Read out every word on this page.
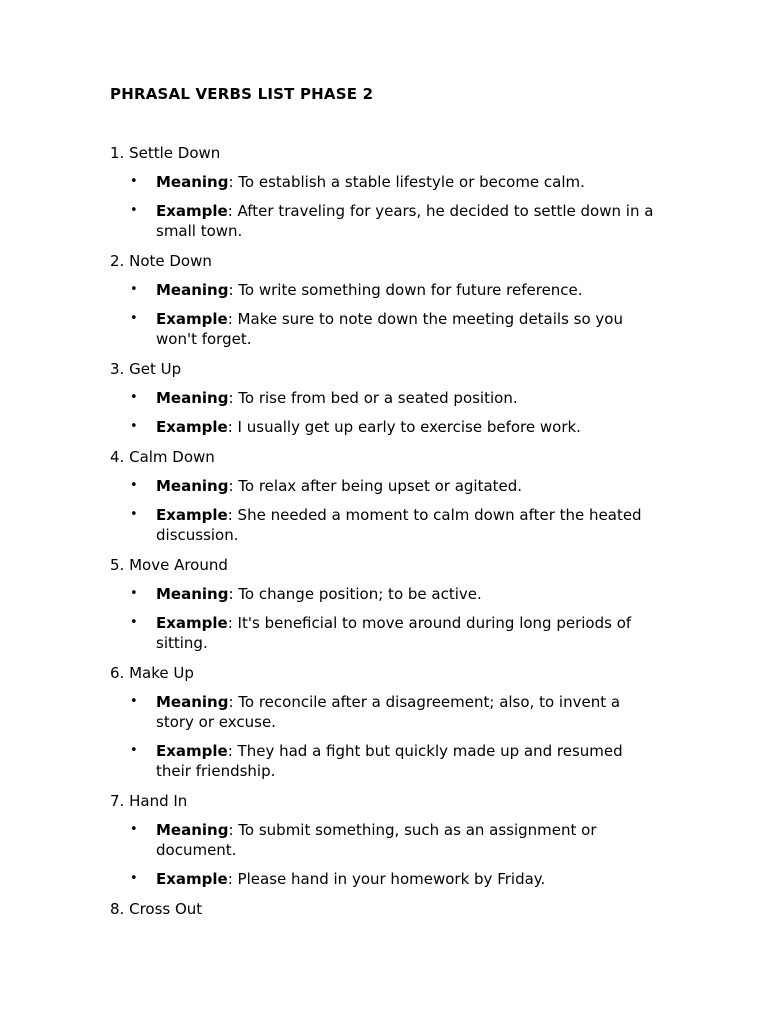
PHRASAL VERBS LIST PHASE 2
1. Settle Down
• Meaning: To establish a stable lifestyle or become calm.
• Example: After traveling for years, he decided to settle down in a small town.
2. Note Down
• Meaning: To write something down for future reference.
• Example: Make sure to note down the meeting details so you won't forget.
3. Get Up
• Meaning: To rise from bed or a seated position.
• Example: I usually get up early to exercise before work.
4. Calm Down
• Meaning: To relax after being upset or agitated.
• Example: She needed a moment to calm down after the heated discussion.
5. Move Around
• Meaning: To change position; to be active.
• Example: It's beneficial to move around during long periods of sitting.
6. Make Up
• Meaning: To reconcile after a disagreement; also, to invent a story or excuse.
• Example: They had a fight but quickly made up and resumed their friendship.
7. Hand In
• Meaning: To submit something, such as an assignment or document.
• Example: Please hand in your homework by Friday.
8. Cross Out
